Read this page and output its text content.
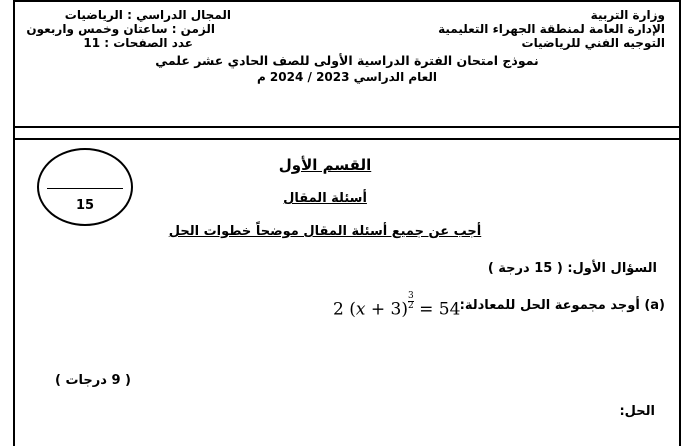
وزارة التربية
الإدارة العامة لمنطقة الجهراء التعليمية
التوجيه الفني للرياضيات
المجال الدراسي : الرياضيات
الزمن : ساعتان وخمس واربعون
عدد الصفحات : 11
نموذج امتحان الفترة الدراسية الأولى للصف الحادي عشر علمي
العام الدراسي 2023 / 2024 م
15
القسم الأول
أسئلة المقال
أجب عن جميع أسئلة المقال موضحاً خطوات الحل
السؤال الأول: ( 15 درجة )
(a) أوجد مجموعة الحل للمعادلة:
2 (𝑥 + $3) \frac{3}{2} = 54$
( 9 درجات )
الحل:
